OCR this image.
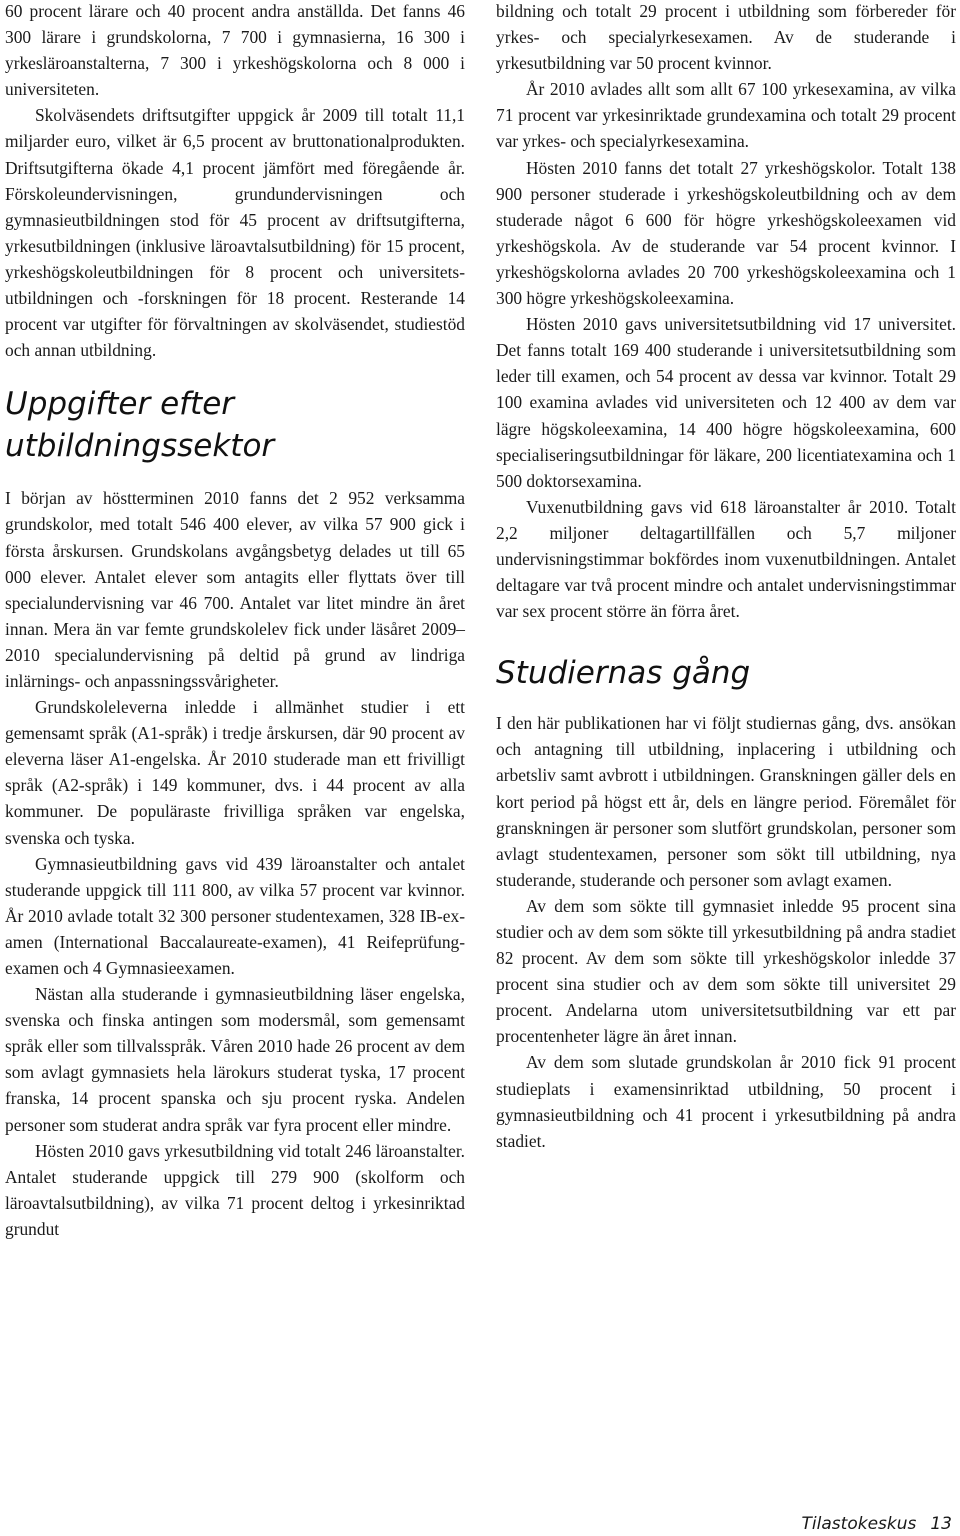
60 procent lärare och 40 procent andra anställda. Det fanns 46 300 lärare i grundskolorna, 7 700 i gymnasierna, 16 300 i yrkesläroanstalterna, 7 300 i yrkeshögskolorna och 8 000 i universiteten.

Skolväsendets driftsutgifter uppgick år 2009 till totalt 11,1 miljarder euro, vilket är 6,5 procent av bruttonationalprodukten. Driftsutgifterna ökade 4,1 procent jämfört med föregående år. Förskoleundervisningen, grundundervisningen och gymnasieutbildningen stod för 45 procent av driftsutgifterna, yrkesutbildningen (inklusive läroavtalsutbildning) för 15 procent, yrkeshögskoleutbildningen för 8 procent och universitetsutbildningen och -forskningen för 18 procent. Resterande 14 procent var utgifter för förvaltningen av skolväsendet, studiestöd och annan utbildning.

Uppgifter efter
utbildningssektor

I början av höstterminen 2010 fanns det 2 952 verksamma grundskolor, med totalt 546 400 elever, av vilka 57 900 gick i första årskursen. Grundskolans avgångsbetyg delades ut till 65 000 elever. Antalet elever som antagits eller flyttats över till specialundervisning var 46 700. Antalet var litet mindre än året innan. Mera än var femte grundskolelev fick under läsåret 2009–2010 specialundervisning på deltid på grund av lindriga inlärnings- och anpassningssvårigheter.

Grundskoleleverna inledde i allmänhet studier i ett gemensamt språk (A1-språk) i tredje årskursen, där 90 procent av eleverna läser A1-engelska. År 2010 studerade man ett frivilligt språk (A2-språk) i 149 kommuner, dvs. i 44 procent av alla kommuner. De populäraste frivilliga språken var engelska, svenska och tyska.

Gymnasieutbildning gavs vid 439 läroanstalter och antalet studerande uppgick till 111 800, av vilka 57 procent var kvinnor. År 2010 avlade totalt 32 300 personer studentexamen, 328 IB-examen (International Baccalaureate-examen), 41 Reifeprüfung-examen och 4 Gymnasieexamen.

Nästan alla studerande i gymnasieutbildning läser engelska, svenska och finska antingen som modersmål, som gemensamt språk eller som tillvalsspråk. Våren 2010 hade 26 procent av dem som avlagt gymnasiets hela lärokurs studerat tyska, 17 procent franska, 14 procent spanska och sju procent ryska. Andelen personer som studerat andra språk var fyra procent eller mindre.

Hösten 2010 gavs yrkesutbildning vid totalt 246 läroanstalter. Antalet studerande uppgick till 279 900 (skolform och läroavtalsutbildning), av vilka 71 procent deltog i yrkesinriktad grundut

bildning och totalt 29 procent i utbildning som förbereder för yrkes- och specialyrkesexamen. Av de studerande i yrkesutbildning var 50 procent kvinnor.

År 2010 avlades allt som allt 67 100 yrkesexamina, av vilka 71 procent var yrkesinriktade grundexamina och totalt 29 procent var yrkes- och specialyrkesexamina.

Hösten 2010 fanns det totalt 27 yrkeshögskolor. Totalt 138 900 personer studerade i yrkeshögskoleutbildning och av dem studerade något 6 600 för högre yrkeshögskoleexamen vid yrkeshögskola. Av de studerande var 54 procent kvinnor. I yrkeshögskolorna avlades 20 700 yrkeshögskoleexamina och 1 300 högre yrkeshögskoleexamina.

Hösten 2010 gavs universitetsutbildning vid 17 universitet. Det fanns totalt 169 400 studerande i universitetsutbildning som leder till examen, och 54 procent av dessa var kvinnor. Totalt 29 100 examina avlades vid universiteten och 12 400 av dem var lägre högskoleexamina, 14 400 högre högskoleexamina, 600 specialiseringsutbildningar för läkare, 200 licentiatexamina och 1 500 doktorsexamina.

Vuxenutbildning gavs vid 618 läroanstalter år 2010. Totalt 2,2 miljoner deltagartillfällen och 5,7 miljoner undervisningstimmar bokfördes inom vuxenutbildningen. Antalet deltagare var två procent mindre och antalet undervisningstimmar var sex procent större än förra året.

Studiernas gång

I den här publikationen har vi följt studiernas gång, dvs. ansökan och antagning till utbildning, inplacering i utbildning och arbetsliv samt avbrott i utbildningen. Granskningen gäller dels en kort period på högst ett år, dels en längre period. Föremålet för granskningen är personer som slutfört grundskolan, personer som avlagt studentexamen, personer som sökt till utbildning, nya studerande, studerande och personer som avlagt examen.

Av dem som sökte till gymnasiet inledde 95 procent sina studier och av dem som sökte till yrkesutbildning på andra stadiet 82 procent. Av dem som sökte till yrkeshögskolor inledde 37 procent sina studier och av dem som sökte till universitet 29 procent. Andelarna utom universitetsutbildning var ett par procentenheter lägre än året innan.

Av dem som slutade grundskolan år 2010 fick 91 procent studieplats i examensinriktad utbildning, 50 procent i gymnasieutbildning och 41 procent i yrkesutbildning på andra stadiet.

Tilastokeskus 13
